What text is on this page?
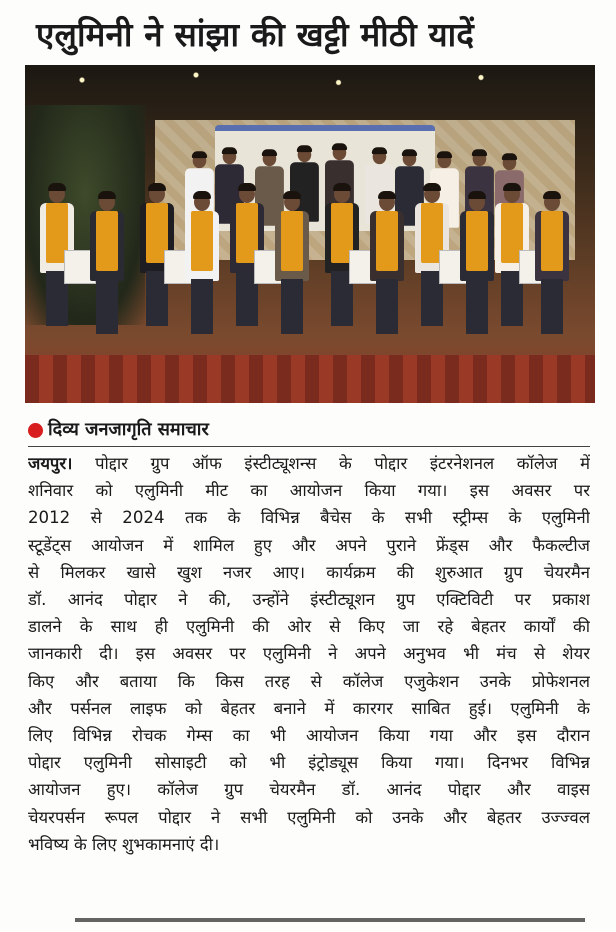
एलुमिनी ने सांझा की खट्टी मीठी यादें
दिव्य जनजागृति समाचार
जयपुर। पोद्दार ग्रुप ऑफ इंस्टीट्यूशन्स के पोद्दार इंटरनेशनल कॉलेज में
शनिवार को एलुमिनी मीट का आयोजन किया गया। इस अवसर पर
2012 से 2024 तक के विभिन्न बैचेस के सभी स्ट्रीम्स के एलुमिनी
स्टूडेंट्स आयोजन में शामिल हुए और अपने पुराने फ्रेंड्स और फैकल्टीज
से मिलकर खासे खुश नजर आए। कार्यक्रम की शुरुआत ग्रुप चेयरमैन
डॉ. आनंद पोद्दार ने की, उन्होंने इंस्टीट्यूशन ग्रुप एक्टिविटी पर प्रकाश
डालने के साथ ही एलुमिनी की ओर से किए जा रहे बेहतर कार्यों की
जानकारी दी। इस अवसर पर एलुमिनी ने अपने अनुभव भी मंच से शेयर
किए और बताया कि किस तरह से कॉलेज एजुकेशन उनके प्रोफेशनल
और पर्सनल लाइफ को बेहतर बनाने में कारगर साबित हुई। एलुमिनी के
लिए विभिन्न रोचक गेम्स का भी आयोजन किया गया और इस दौरान
पोद्दार एलुमिनी सोसाइटी को भी इंट्रोड्यूस किया गया। दिनभर विभिन्न
आयोजन हुए। कॉलेज ग्रुप चेयरमैन डॉ. आनंद पोद्दार और वाइस
चेयरपर्सन रूपल पोद्दार ने सभी एलुमिनी को उनके और बेहतर उज्ज्वल
भविष्य के लिए शुभकामनाएं दी।
